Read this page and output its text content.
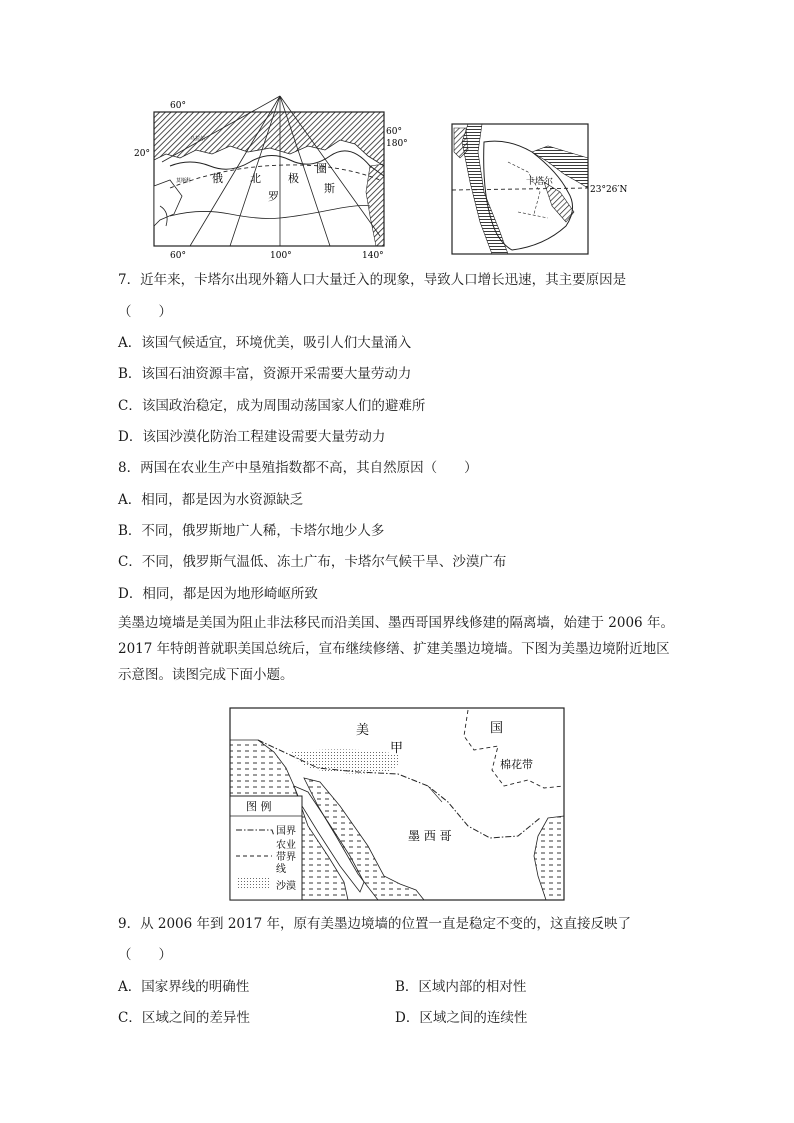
60°
20°
60°
180°
60°	100°	140°
俄 北 极
圈
罗
斯
莫斯科
乌拉尔
卡塔尔
23°26′N
7．近年来，卡塔尔出现外籍人口大量迁入的现象，导致人口增长迅速，其主要原因是
（　　）
A．该国气候适宜，环境优美，吸引人们大量涌入
B．该国石油资源丰富，资源开采需要大量劳动力
C．该国政治稳定，成为周围动荡国家人们的避难所
D．该国沙漠化防治工程建设需要大量劳动力
8．两国在农业生产中垦殖指数都不高，其自然原因（　　）
A．相同，都是因为水资源缺乏
B．不同，俄罗斯地广人稀，卡塔尔地少人多
C．不同，俄罗斯气温低、冻土广布，卡塔尔气候干旱、沙漠广布
D．相同，都是因为地形崎岖所致
美墨边境墙是美国为阻止非法移民而沿美国、墨西哥国界线修建的隔离墙，始建于 2006 年。2017 年特朗普就职美国总统后，宣布继续修缮、扩建美墨边境墙。下图为美墨边境附近地区示意图。读图完成下面小题。
美	国
甲
棉花带
墨 西 哥
图 例
国界
农业带界线
沙漠
9．从 2006 年到 2017 年，原有美墨边境墙的位置一直是稳定不变的，这直接反映了
（　　）
A．国家界线的明确性	B．区域内部的相对性
C．区域之间的差异性	D．区域之间的连续性
